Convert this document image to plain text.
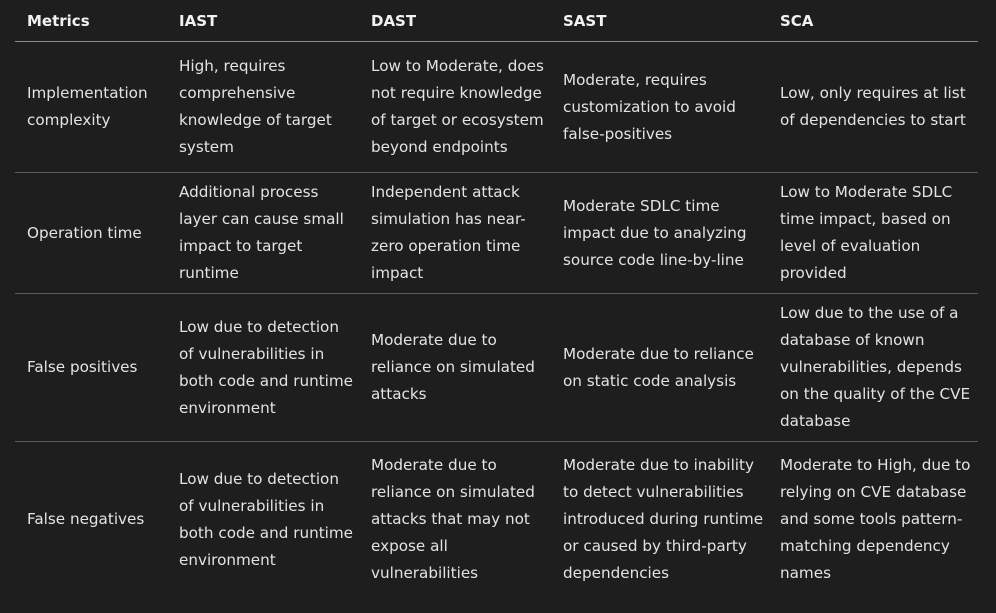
Metrics	IAST	DAST	SAST	SCA
Implementation complexity	High, requires comprehensive knowledge of target system	Low to Moderate, does not require knowledge of target or ecosystem beyond endpoints	Moderate, requires customization to avoid false-positives	Low, only requires at list of dependencies to start
Operation time	Additional process layer can cause small impact to target runtime	Independent attack simulation has near-zero operation time impact	Moderate SDLC time impact due to analyzing source code line-by-line	Low to Moderate SDLC time impact, based on level of evaluation provided
False positives	Low due to detection of vulnerabilities in both code and runtime environment	Moderate due to reliance on simulated attacks	Moderate due to reliance on static code analysis	Low due to the use of a database of known vulnerabilities, depends on the quality of the CVE database
False negatives	Low due to detection of vulnerabilities in both code and runtime environment	Moderate due to reliance on simulated attacks that may not expose all vulnerabilities	Moderate due to inability to detect vulnerabilities introduced during runtime or caused by third-party dependencies	Moderate to High, due to relying on CVE database and some tools pattern-matching dependency names
